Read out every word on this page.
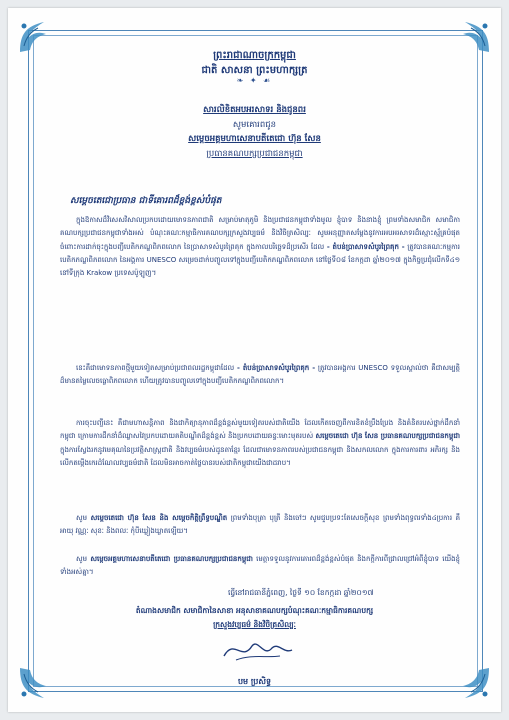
ព្រះរាជាណាចក្រកម្ពុជា
ជាតិ សាសនា ព្រះមហាក្សត្រ
❧ ✦ ☙
សារលិខិតអបអរសាទរ និងជូនពរ
សូមគោរពជូន
សម្តេចអគ្គមហាសេនាបតីតេជោ ហ៊ុន សែន
ប្រធានគណបក្សប្រជាជនកម្ពុជា
សម្តេចតេជោប្រធាន ជាទីគោរពដ៏ខ្ពង់ខ្ពស់បំផុត

ក្នុងឱកាសដ៏វិសេសវិសាលប្រកបដោយមោទនភាពជាតិ សម្រាប់មាតុភូមិ និងប្រជាជនកម្ពុជាទាំងមូល ខ្ញុំបាទ និងនាងខ្ញុំ ព្រមទាំងសមាជិក សមាជិកាគណបក្សប្រជាជនកម្ពុជាទាំងអស់ បំណុះគណៈកម្មាធិការគណបក្សក្រសួងវប្បធម៌ និងវិចិត្រសិល្បៈ សូមអនុញ្ញាតសម្តែងនូវការអបអរសាទរដ៏ស្មោះស្ម័គ្របំផុត ចំពោះការដាក់ចុះក្នុងបញ្ជីបេតិកភណ្ឌពិភពលោក នៃប្រាសាទសំបូរព្រៃគុក ក្នុងកាលបរិច្ឆេទដ៏ប្រសើរ ដែល - តំបន់ប្រាសាទសំបូរព្រៃគុក - ត្រូវបានគណៈកម្មការបេតិកភណ្ឌពិភពលោក នៃអង្គការ UNESCO សម្រេចដាក់បញ្ចូលទៅក្នុងបញ្ជីបេតិកភណ្ឌពិភពលោក នៅថ្ងៃទី០៨ ខែកក្កដា ឆ្នាំ២០១៧ ក្នុងកិច្ចប្រជុំលើកទី៤១ នៅទីក្រុង Krakow ប្រទេសប៉ូឡូញ។

នេះគឺជាមោទនភាពថ្មីមួយទៀតសម្រាប់ប្រជាពលរដ្ឋកម្ពុជាដែល - តំបន់ប្រាសាទសំបូរព្រៃគុក - ត្រូវបានអង្គការ UNESCO ទទួលស្គាល់ថា គឺជាសម្បត្តិដ៏មានតម្លៃលេចធ្លោពិភពលោក ហើយត្រូវបានបញ្ចូលទៅក្នុងបញ្ជីបេតិកភណ្ឌពិភពលោក។

ការចុះបញ្ជីនេះ គឺជាមហាសន្តិភាព និងជាកិត្យានុភាពដ៏ខ្ពង់ខ្ពស់មួយទៀតរបស់ជាតិយើង ដែលកើតចេញពីការខិតខំប្រឹងប្រែង និងគំនិតរបស់ថ្នាក់ដឹកនាំកម្ពុជា ក្រោមការដឹកនាំដ៏ឈ្លាសវៃប្រកបដោយគតិបណ្ឌិតដ៏ខ្ពង់ខ្ពស់ និងប្រកបដោយឆន្ទៈមោះមុតរបស់ សម្តេចតេជោ ហ៊ុន សែន ប្រធានគណបក្សប្រជាជនកម្ពុជា ក្នុងការស្វែងរកនូវមេគុណនៃប្រវត្តិសាស្ត្រជាតិ និងវប្បធម៌របស់ដូនតាខ្មែរ ដែលជាមោទនភាពរបស់ប្រជាជនកម្ពុជា និងសកលលោក ក្នុងការការពារ អភិរក្ស និងលើកតម្កើងកេរដំណែលវប្បធម៌ជាតិ ដែលមិនអាចកាត់ថ្លៃបានរបស់ជាតិកម្ពុជាយើងជាដរាប។

សូម សម្តេចតេជោ ហ៊ុន សែន និង សម្តេចកិត្តិព្រឹទ្ធបណ្ឌិត ព្រមទាំងបុត្រា បុត្រី និងចៅៗ សូមជួបប្រទះតែសេចក្តីសុខ ព្រមទាំងពុទ្ធពរទាំង៤ប្រការ គឺ អាយុ វណ្ណៈ សុខៈ និងពលៈ កុំបីឃ្លៀងឃ្លាតឡើយ។

សូម សម្តេចអគ្គមហាសេនាបតីតេជោ ប្រធានគណបក្សប្រជាជនកម្ពុជា មេត្តាទទួលនូវការគោរពដ៏ខ្ពង់ខ្ពស់បំផុត និងកក្តីការពីជ្រាលជ្រៅអំពីខ្ញុំបាទ យើងខ្ញុំទាំងអស់គ្នា។

ធ្វើនៅរាជធានីភ្នំពេញ, ថ្ងៃទី ១០ ខែកក្កដា ឆ្នាំ២០១៧
តំណាងសមាជិក សមាជិកានៃសាខា អនុសាខាគណបក្សបំណុះគណៈកម្មាធិការគណបក្ស
ក្រសួងវប្បធម៌ និងវិចិត្រសិល្បៈ
បម ប្រសិទ្ធ
